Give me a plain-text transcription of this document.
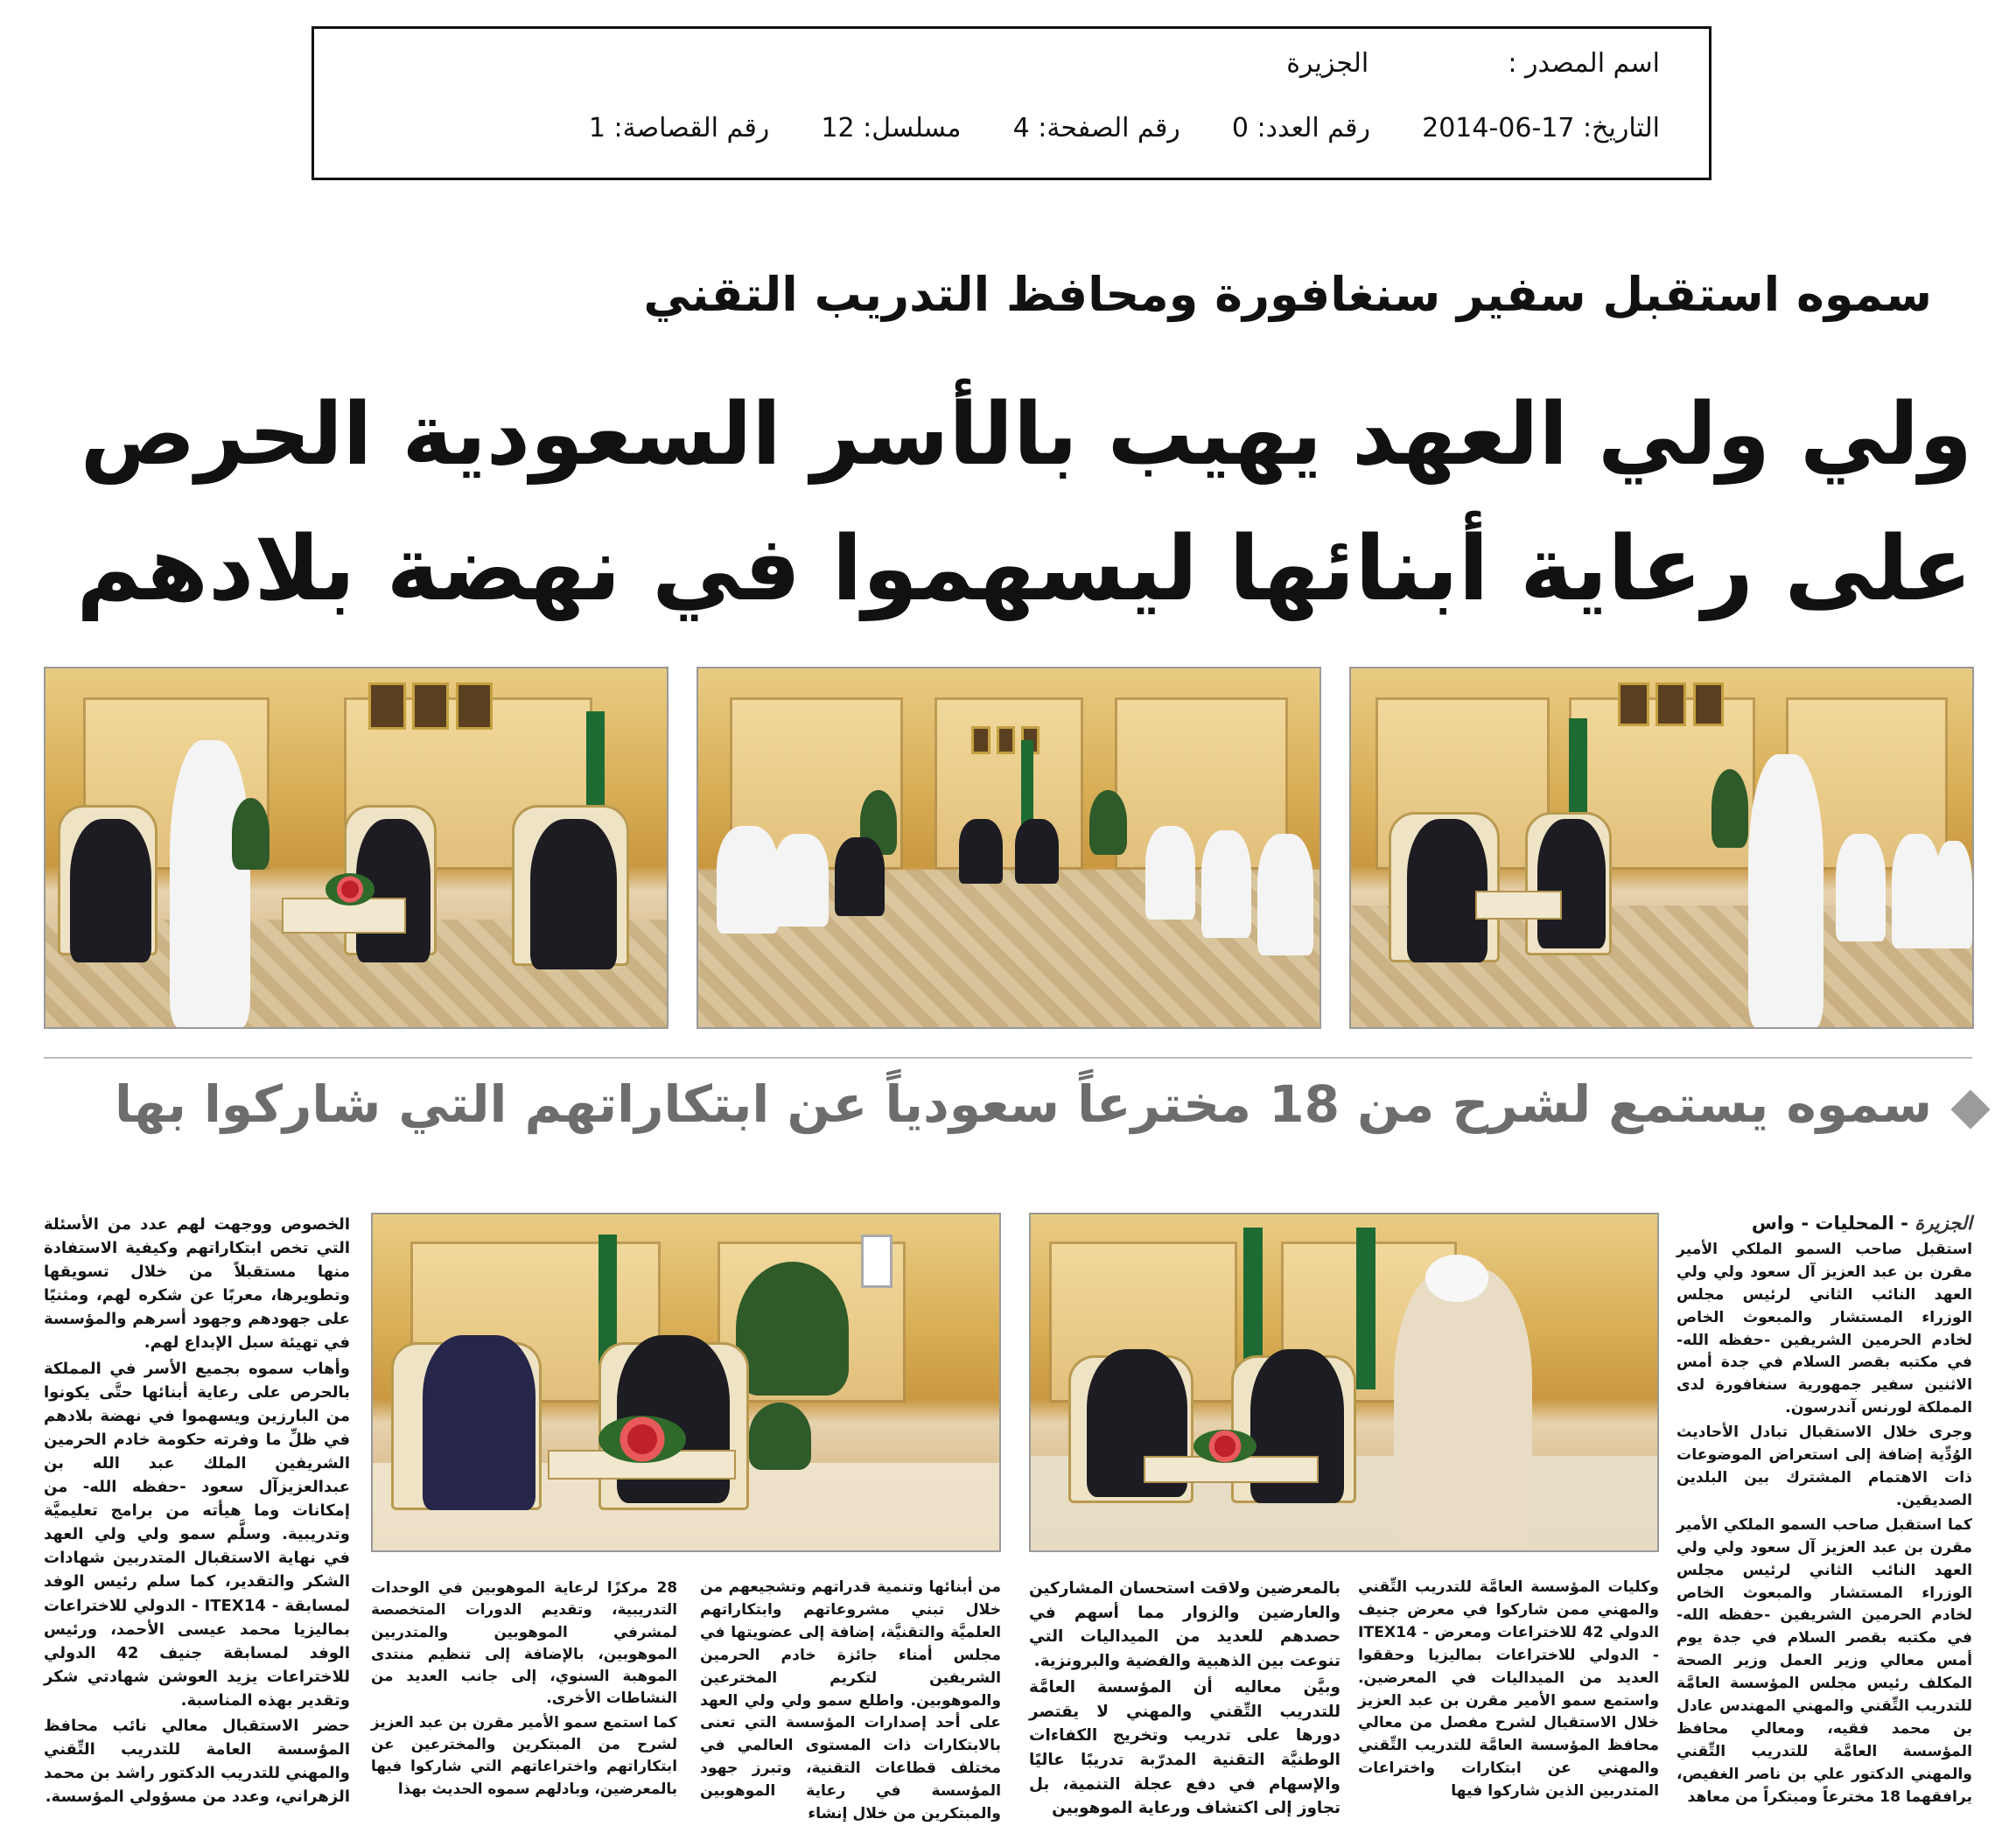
اسم المصدر :  الجزيرة
التاريخ: 2014-06-17  رقم العدد: 0  رقم الصفحة: 4  مسلسل: 12  رقم القصاصة: 1
سموه استقبل سفير سنغافورة ومحافظ التدريب التقني
ولي ولي العهد يهيب بالأسر السعودية الحرص
على رعاية أبنائها ليسهموا في نهضة بلادهم
سموه يستمع لشرح من 18 مخترعاً سعودياً عن ابتكاراتهم التي شاركوا بها
الجزيرة - المحليات - واس

استقبل صاحب السمو الملكي الأمير مقرن بن عبد العزيز آل سعود ولي ولي العهد النائب الثاني لرئيس مجلس الوزراء المستشار والمبعوث الخاص لخادم الحرمين الشريفين -حفظه الله- في مكتبه بقصر السلام في جدة أمس الاثنين سفير جمهورية سنغافورة لدى المملكة لورنس آندرسون.

وجرى خلال الاستقبال تبادل الأحاديث الوُدِّية إضافة إلى استعراض الموضوعات ذات الاهتمام المشترك بين البلدين الصديقين.

كما استقبل صاحب السمو الملكي الأمير مقرن بن عبد العزيز آل سعود ولي ولي العهد النائب الثاني لرئيس مجلس الوزراء المستشار والمبعوث الخاص لخادم الحرمين الشريفين -حفظه الله- في مكتبه بقصر السلام في جدة يوم أمس معالي وزير العمل وزير الصحة المكلف رئيس مجلس المؤسسة العامَّة للتدريب التِّقني والمهني المهندس عادل بن محمد فقيه، ومعالي محافظ المؤسسة العامَّة للتدريب التِّقني والمهني الدكتور علي بن ناصر الغفيص، يرافقهما 18 مخترعاً ومبتكراً من معاهد

وكليات المؤسسة العامَّة للتدريب التِّقني والمهني ممن شاركوا في معرض جنيف الدولي 42 للاختراعات ومعرض - ITEX14 - الدولي للاختراعات بماليزيا وحققوا العديد من الميداليات في المعرضين. واستمع سمو الأمير مقرن بن عبد العزيز خلال الاستقبال لشرح مفصل من معالي محافظ المؤسسة العامَّة للتدريب التِّقني والمهني عن ابتكارات واختراعات المتدربين الذين شاركوا فيها

بالمعرضين ولاقت استحسان المشاركين والعارضين والزوار مما أسهم في حصدهم للعديد من الميداليات التي تنوعت بين الذهبية والفضية والبرونزية.

وبيَّن معاليه أن المؤسسة العامَّة للتدريب التِّقني والمهني لا يقتصر دورها على تدريب وتخريج الكفاءات الوطنيَّة التقنية المدرّبة تدريبًا عاليًا والإسهام في دفع عجلة التنمية، بل تجاوز إلى اكتشاف ورعاية الموهوبين

من أبنائها وتنمية قدراتهم وتشجيعهم من خلال تبني مشروعاتهم وابتكاراتهم العلميَّة والتقنيَّة، إضافة إلى عضويتها في مجلس أمناء جائزة خادم الحرمين الشريفين لتكريم المخترعين والموهوبين. واطلع سمو ولي ولي العهد على أحد إصدارات المؤسسة التي تعنى بالابتكارات ذات المستوى العالمي في مختلف قطاعات التقنية، وتبرز جهود المؤسسة في رعاية الموهوبين والمبتكرين من خلال إنشاء

28 مركزًا لرعاية الموهوبين في الوحدات التدريبية، وتقديم الدورات المتخصصة لمشرفي الموهوبين والمتدربين الموهوبين، بالإضافة إلى تنظيم منتدى الموهبة السنوي، إلى جانب العديد من النشاطات الأخرى.

كما استمع سمو الأمير مقرن بن عبد العزيز لشرح من المبتكرين والمخترعين عن ابتكاراتهم واختراعاتهم التي شاركوا فيها بالمعرضين، وبادلهم سموه الحديث بهذا

الخصوص ووجهت لهم عدد من الأسئلة التي تخص ابتكاراتهم وكيفية الاستفادة منها مستقبلاً من خلال تسويقها وتطويرها، معربًا عن شكره لهم، ومثنيًا على جهودهم وجهود أسرهم والمؤسسة في تهيئة سبل الإبداع لهم.

وأهاب سموه بجميع الأسر في المملكة بالحرص على رعاية أبنائها حتَّى يكونوا من البارزين ويسهموا في نهضة بلادهم في ظلِّ ما وفرته حكومة خادم الحرمين الشريفين الملك عبد الله بن عبدالعزيزآل سعود -حفظه الله- من إمكانات وما هيأته من برامج تعليميَّة وتدريبية. وسلَّم سمو ولي ولي العهد في نهاية الاستقبال المتدربين شهادات الشكر والتقدير، كما سلم رئيس الوفد لمسابقة - ITEX14 - الدولي للاختراعات بماليزيا محمد عيسى الأحمد، ورئيس الوفد لمسابقة جنيف 42 الدولي للاختراعات يزيد العوشن شهادتي شكر وتقدير بهذه المناسبة.

حضر الاستقبال معالي نائب محافظ المؤسسة العامة للتدريب التِّقني والمهني للتدريب الدكتور راشد بن محمد الزهراني، وعدد من مسؤولي المؤسسة.
